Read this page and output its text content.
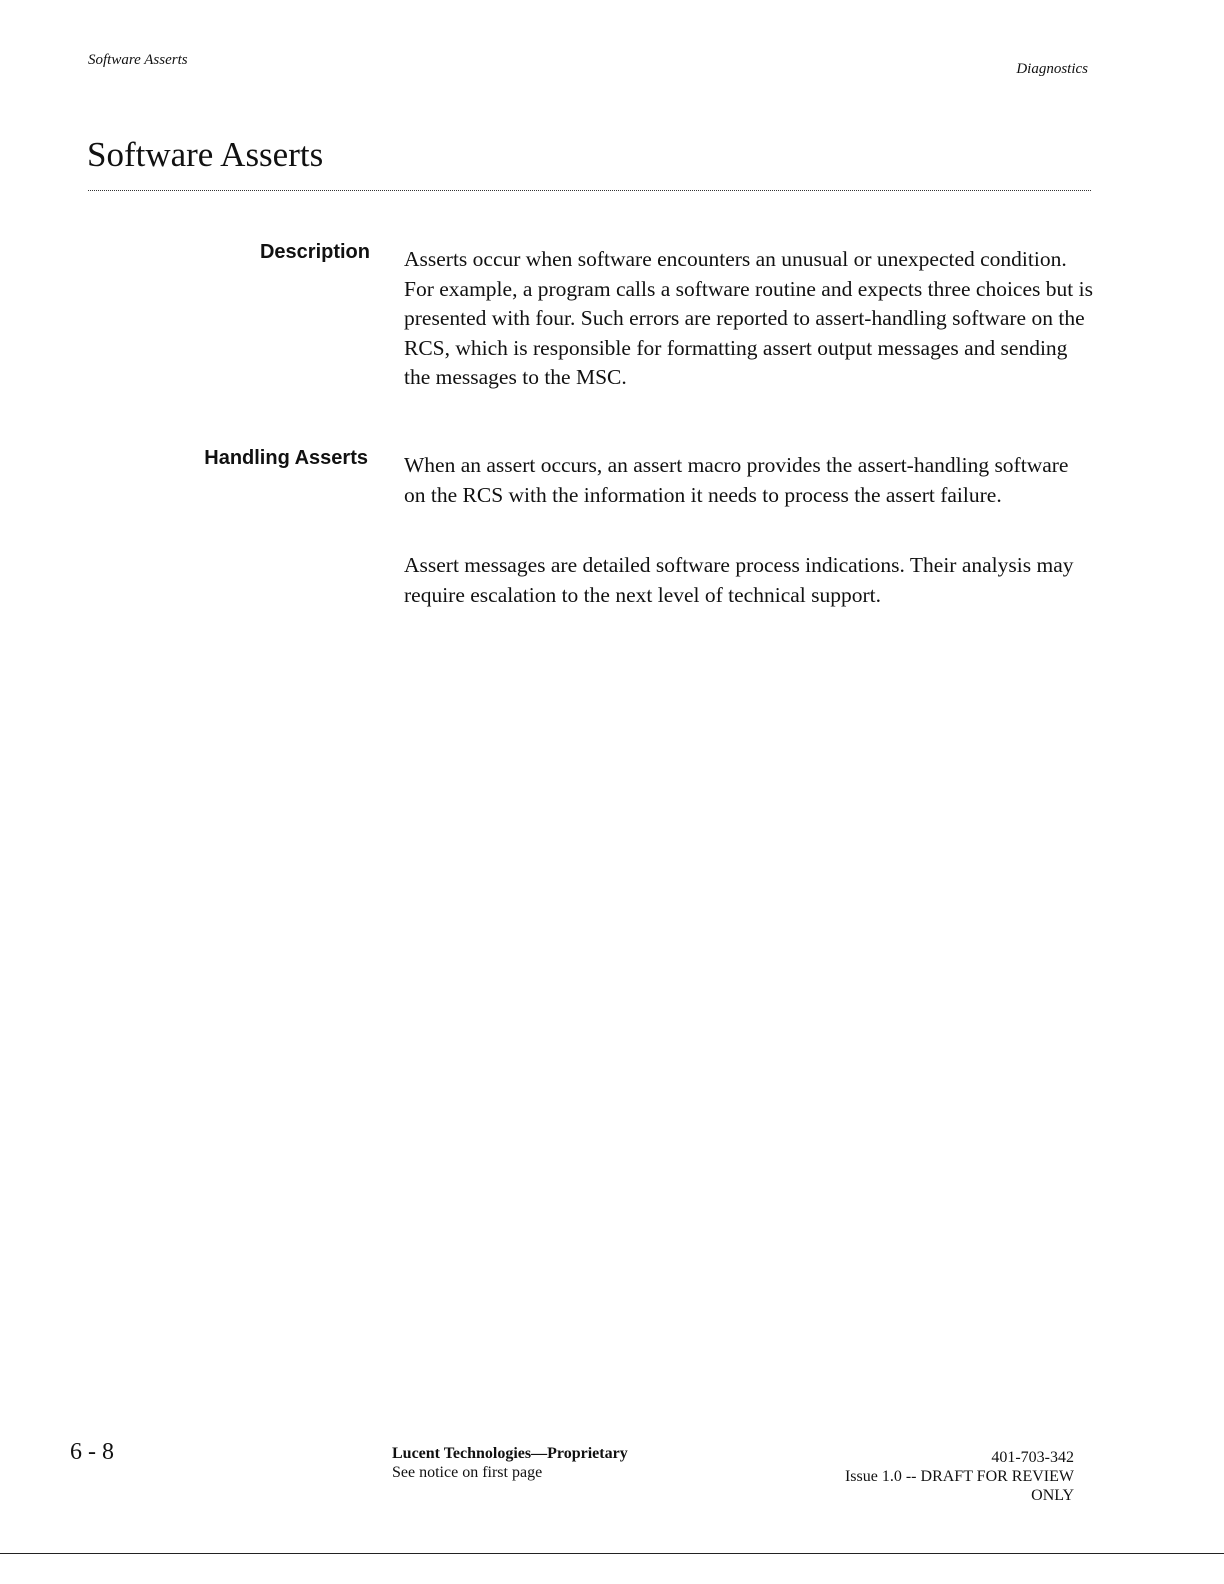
Software Asserts
Diagnostics
Software Asserts
Description Asserts occur when software encounters an unusual or unexpected condition. For example, a program calls a software routine and expects three choices but is presented with four. Such errors are reported to assert-handling software on the RCS, which is responsible for formatting assert output messages and sending the messages to the MSC.

Handling Asserts When an assert occurs, an assert macro provides the assert-handling software on the RCS with the information it needs to process the assert failure.

Assert messages are detailed software process indications. Their analysis may require escalation to the next level of technical support.

6 - 8	Lucent Technologies—Proprietary
See notice on first page
401-703-342
Issue 1.0 -- DRAFT FOR REVIEW
ONLY
